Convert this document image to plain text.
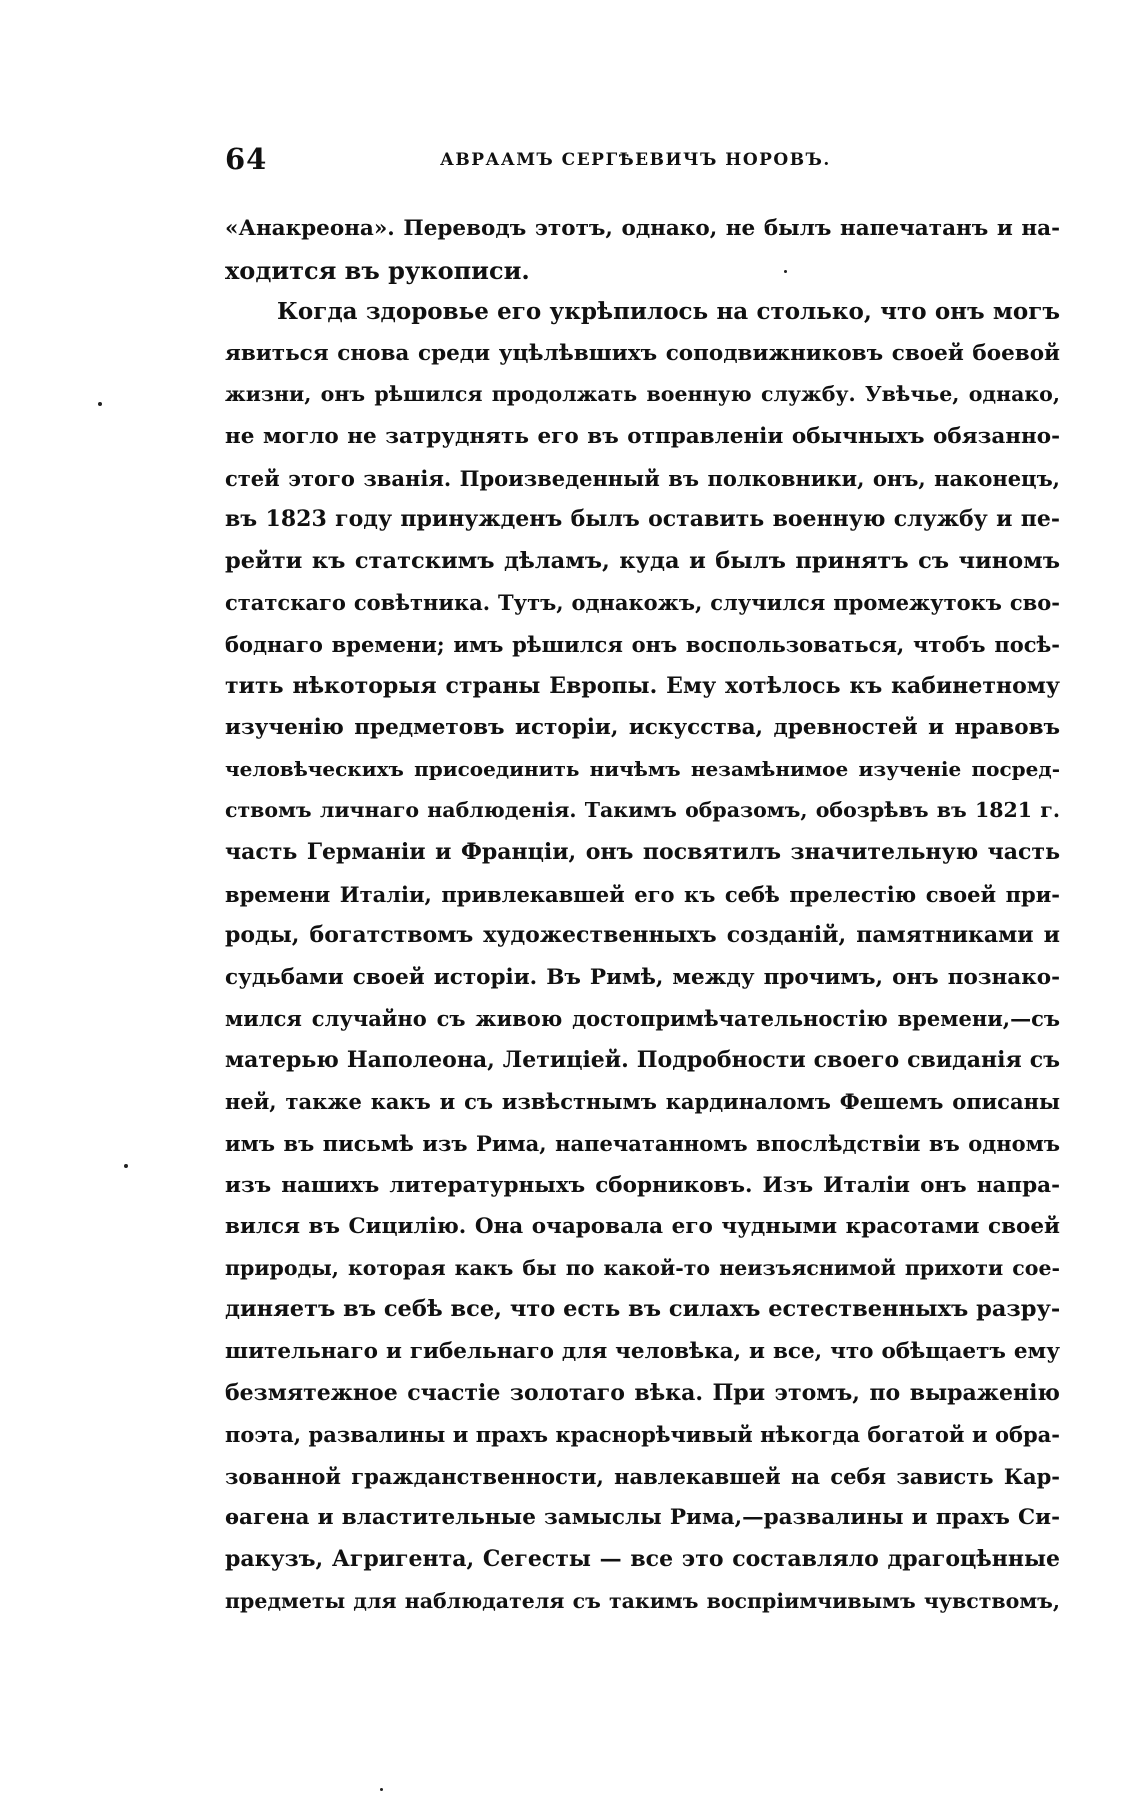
64	АВРААМЪ СЕРГѢЕВИЧЪ НОРОВЪ.
«Анакреона». Переводъ этотъ, однако, не былъ напечатанъ и на-
ходится въ рукописи.
Когда здоровье его укрѣпилось на столько, что онъ могъ
явиться снова среди уцѣлѣвшихъ соподвижниковъ своей боевой
жизни, онъ рѣшился продолжать военную службу. Увѣчье, однако,
не могло не затруднять его въ отправленіи обычныхъ обязанно-
стей этого званія. Произведенный въ полковники, онъ, наконецъ,
въ 1823 году принужденъ былъ оставить военную службу и пе-
рейти къ статскимъ дѣламъ, куда и былъ принятъ съ чиномъ
статскаго совѣтника. Тутъ, однакожъ, случился промежутокъ сво-
боднаго времени; имъ рѣшился онъ воспользоваться, чтобъ посѣ-
тить нѣкоторыя страны Европы. Ему хотѣлось къ кабинетному
изученію предметовъ исторіи, искусства, древностей и нравовъ
человѣческихъ присоединить ничѣмъ незамѣнимое изученіе посред-
ствомъ личнаго наблюденія. Такимъ образомъ, обозрѣвъ въ 1821 г.
часть Германіи и Франціи, онъ посвятилъ значительную часть
времени Италіи, привлекавшей его къ себѣ прелестію своей при-
роды, богатствомъ художественныхъ созданій, памятниками и
судьбами своей исторіи. Въ Римѣ, между прочимъ, онъ познако-
мился случайно съ живою достопримѣчательностію времени,—съ
матерью Наполеона, Летиціей. Подробности своего свиданія съ
ней, также какъ и съ извѣстнымъ кардиналомъ Фешемъ описаны
имъ въ письмѣ изъ Рима, напечатанномъ впослѣдствіи въ одномъ
изъ нашихъ литературныхъ сборниковъ. Изъ Италіи онъ напра-
вился въ Сицилію. Она очаровала его чудными красотами своей
природы, которая какъ бы по какой-то неизъяснимой прихоти сое-
диняетъ въ себѣ все, что есть въ силахъ естественныхъ разру-
шительнаго и гибельнаго для человѣка, и все, что обѣщаетъ ему
безмятежное счастіе золотаго вѣка. При этомъ, по выраженію
поэта, развалины и прахъ краснорѣчивый нѣкогда богатой и обра-
зованной гражданственности, навлекавшей на себя зависть Кар-
ѳагена и властительные замыслы Рима,—развалины и прахъ Си-
ракузъ, Агригента, Сегесты — все это составляло драгоцѣнные
предметы для наблюдателя съ такимъ воспріимчивымъ чувствомъ,
